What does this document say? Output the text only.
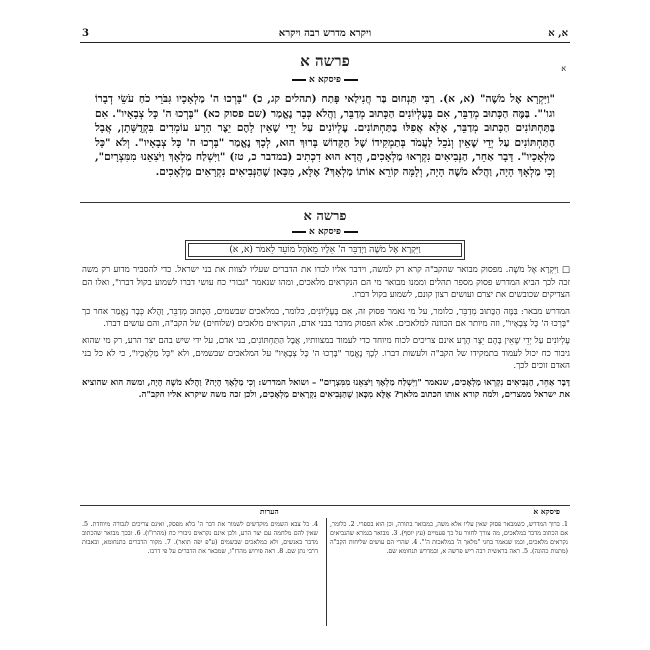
א, א
ויקרא מדרש רבה ויקרא
3
פרשה א
פיסקא א
א
"וַיִּקְרָא אֶל מֹשֶׁה" (א, א). רַבִּי תַּנְחוּם בַּר חֲנִילַאי פָּתַח (תהלים קג, כ) "בָּרְכוּ ה' מַלְאָכָיו גִּבֹּרֵי כֹחַ עֹשֵׂי דְבָרוֹ וגו'". בַּמֶּה הַכָּתוּב מְדַבֵּר, אִם בָּעֶלְיוֹנִים הַכָּתוּב מְדַבֵּר, וַהֲלֹא כְּבָר נֶאֱמַר (שם פסוק כא) "בָּרְכוּ ה' כָּל צְבָאָיו". אִם בַּתַּחְתּוֹנִים הַכָּתוּב מְדַבֵּר, אֶלָּא אֲפִלּוּ בַתַּחְתּוֹנִים. עֶלְיוֹנִים עַל יְדֵי שֶׁאֵין לָהֶם יֵצֶר הָרָע עוֹמְדִים בִּקְדֻשָּׁתָן, אֲבָל הַתַּחְתּוֹנִים עַל יְדֵי שֶׁאֵין וְנֹכֵל לַעֲמֹד בְּתַמְקִידוֹ שֶׁל הַקָּדוֹשׁ בָּרוּךְ הוּא, לְכָךְ נֶאֱמַר "בָּרְכוּ ה' כָּל צְבָאָיו". וְלֹא "כָּל מַלְאָכָיו". דָּבָר אַחֵר, הַנְּבִיאִים נִקְרְאוּ מַלְאָכִים, הֲדָא הוּא דִכְתִיב (במדבר כ, טז) "וַיִּשְׁלַח מַלְאָךְ וַיֹּצִאֵנוּ מִמִּצְרָיִם", וְכִי מַלְאָךְ הָיָה, וַהֲלֹא מֹשֶׁה הָיָה, וְלָמָּה קוֹרֵא אוֹתוֹ מַלְאָךְ? אֶלָּא, מִכָּאן שֶׁהַנְּבִיאִים נִקְרָאִים מַלְאָכִים.
פרשה א
פיסקא א
וַיִּקְרָא אֶל מֹשֶׁה וַיְדַבֵּר ה' אֵלָיו מֵאֹהֶל מוֹעֵד לֵאמֹר (א, א)

□ וַיִּקְרָא אֶל מֹשֶׁה. מפסוק מבואר שהקב"ה קרא רק למשה, וידבר אליו לבדו את הדברים שעליו לצוות את בני ישראל. כדי להסביר מדוע רק משה זכה לכך הביא המדרש פסוק מספר תהלים וממנו מבואר מי הם הנקראים מלאכים, ומהו שנאמר "גבורי כח עושי דברו לשמוע בקול דברו", ואלו הם הצדיקים שכובשים את יצרם ועושים רצון קונם, לשמוע בקול דברו.

המדרש מבאר: בַּמֶּה הַכָּתוּב מְדַבֵּר, כלומר, על מי נאמר פסוק זה, אִם בָּעֶלְיוֹנִים, כלומר, במלאכים שבשמים, הַכָּתוּב מְדַבֵּר, וַהֲלֹא כְּבָר נֶאֱמַר אחר כך "בָּרְכוּ ה' כָּל צְבָאָיו", וזה מיותר אם הכוונה למלאכים. אלא הפסוק מדבר בבני אדם, הנקראים מלאכים (שלוחים) של הקב"ה, והם עושים דברו.

עֶלְיוֹנִים עַל יְדֵי שֶׁאֵין בָּהֶם יֵצֶר הָרָע אינם צריכים לכוח מיוחד כדי לעמוד במצוותיו, אֲבָל הַתַּחְתּוֹנִים, בני אדם, על ידי שיש בהם יצר הרע, רק מי שהוא גיבור כח יכול לעמוד בתמקידו של הקב"ה ולעשות דברו. לְכָךְ נֶאֱמַר "בָּרְכוּ ה' כָּל צְבָאָיו" על המלאכים שבשמים, ולא "כָּל מַלְאָכָיו", כי לא כל בני האדם זוכים לכך.

דָּבָר אַחֵר, הַנְּבִיאִים נִקְרְאוּ מַלְאָכִים, שנאמר "וַיִּשְׁלַח מַלְאָךְ וַיֹּצִאֵנוּ מִמִּצְרָיִם" – ושואל המדרש: וְכִי מַלְאָךְ הָיָה? וַהֲלֹא מֹשֶׁה הָיָה, ומשה הוא שהוציא את ישראל ממצרים, ולמה קורא אותו הכתוב מלאך? אֶלָּא מִכָּאן שֶׁהַנְּבִיאִים נִקְרָאִים מַלְאָכִים, ולכן זכה משה שיקרא אליו הקב"ה.

פיסקא א
הערות
1. ברוך המדרש, כשמבאר פסוק שאין עליו אלא משה, כמבואר בתורה, וכן הוא בספרי. 2. כלומר, אם הכתוב מדבר במלאכים, מה צורך לחזור על כך פעמיים (עץ יוסף). 3. מבואר בגמרא שהנביאים נקראים מלאכים, וכמו שנאמר בחגי "מלאך ה' במלאכות ה'". 4. שהרי הם עושים שליחות הקב"ה (מתנות כהונה). 5. ראה בראשית רבה ריש פרשה א, ובמדרש תנחומא שם.
4. כל צבא השמים מוקדשים לשמור את דבר ה' בלא מפסק, ואינם צריכים לגבורה מיוחדת. 5. שאין להם מלחמה עם יצר הרע, ולכן אינם נקראים גיבורי כח (מהרז"ו). 6. ובכך מבואר שהכתוב מדבר באנשים, ולא במלאכים שבשמים (ע"פ יפה תואר). 7. מקור הדברים בתנחומא, ובאבות דרבי נתן שם. 8. ראה פירוש מהרז"ו, שמבאר את הדברים על פי דרכו.
